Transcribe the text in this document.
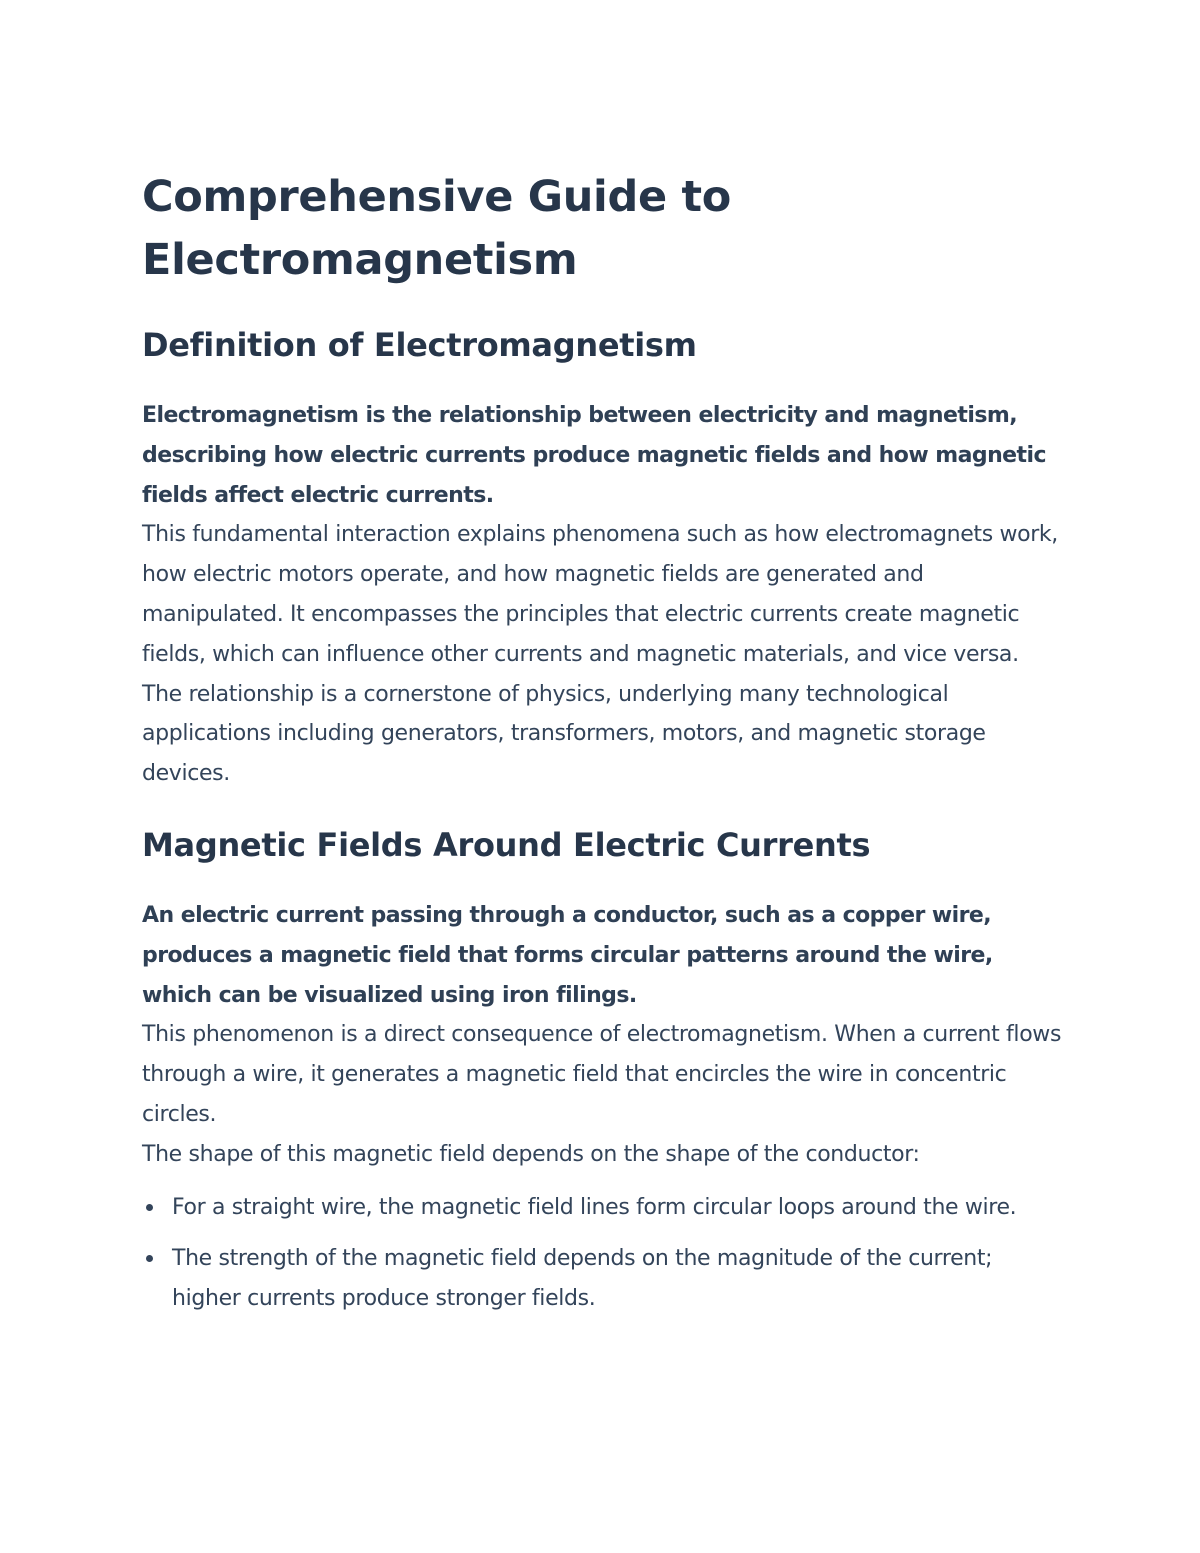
Comprehensive Guide to Electromagnetism
Definition of Electromagnetism

Electromagnetism is the relationship between electricity and magnetism, describing how electric currents produce magnetic fields and how magnetic fields affect electric currents.

This fundamental interaction explains phenomena such as how electromagnets work, how electric motors operate, and how magnetic fields are generated and manipulated. It encompasses the principles that electric currents create magnetic fields, which can influence other currents and magnetic materials, and vice versa.

The relationship is a cornerstone of physics, underlying many technological applications including generators, transformers, motors, and magnetic storage devices.

Magnetic Fields Around Electric Currents

An electric current passing through a conductor, such as a copper wire, produces a magnetic field that forms circular patterns around the wire, which can be visualized using iron filings.

This phenomenon is a direct consequence of electromagnetism. When a current flows through a wire, it generates a magnetic field that encircles the wire in concentric circles.

The shape of this magnetic field depends on the shape of the conductor:

For a straight wire, the magnetic field lines form circular loops around the wire.
The strength of the magnetic field depends on the magnitude of the current; higher currents produce stronger fields.
